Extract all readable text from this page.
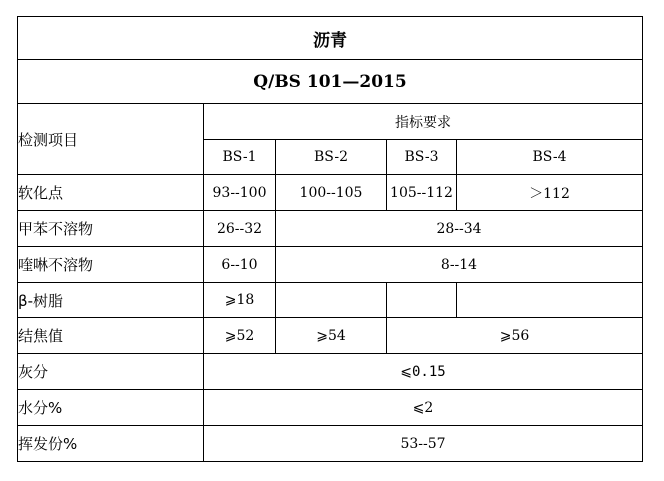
沥青				
Q/BS 101—2015				
检测项目	指标要求			
	BS-1	BS-2	BS-3	BS-4
软化点	93--100	100--105	105--112	＞112
甲苯不溶物	26--32	28--34		
喹啉不溶物	6--10	8--14		
β-树脂	⩾18			
结焦值	⩾52	⩾54	⩾56	
灰分	⩽0.15			
水分%	⩽2			
挥发份%	53--57			
